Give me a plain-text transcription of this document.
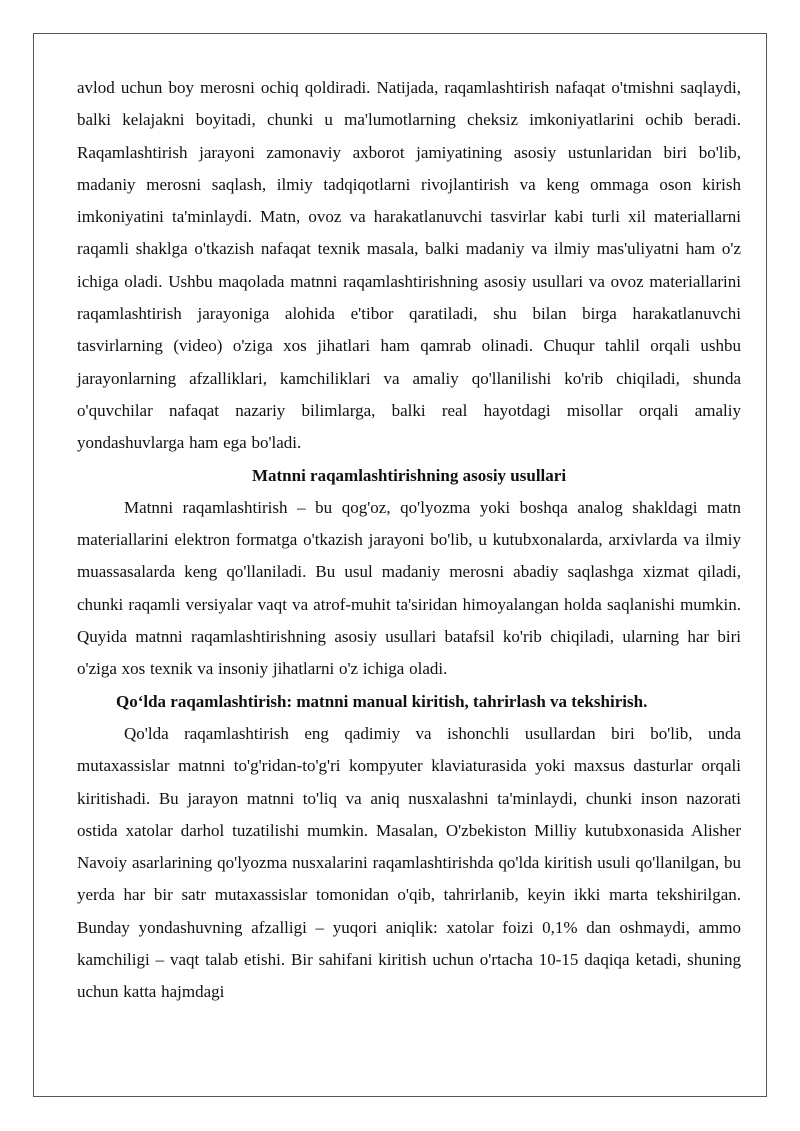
avlod uchun boy merosni ochiq qoldiradi. Natijada, raqamlashtirish nafaqat o'tmishni saqlaydi, balki kelajakni boyitadi, chunki u ma'lumotlarning cheksiz imkoniyatlarini ochib beradi. Raqamlashtirish jarayoni zamonaviy axborot jamiyatining asosiy ustunlaridan biri bo'lib, madaniy merosni saqlash, ilmiy tadqiqotlarni rivojlantirish va keng ommaga oson kirish imkoniyatini ta'minlaydi. Matn, ovoz va harakatlanuvchi tasvirlar kabi turli xil materiallarni raqamli shaklga o'tkazish nafaqat texnik masala, balki madaniy va ilmiy mas'uliyatni ham o'z ichiga oladi. Ushbu maqolada matnni raqamlashtirishning asosiy usullari va ovoz materiallarini raqamlashtirish jarayoniga alohida e'tibor qaratiladi, shu bilan birga harakatlanuvchi tasvirlarning (video) o'ziga xos jihatlari ham qamrab olinadi. Chuqur tahlil orqali ushbu jarayonlarning afzalliklari, kamchiliklari va amaliy qo'llanilishi ko'rib chiqiladi, shunda o'quvchilar nafaqat nazariy bilimlarga, balki real hayotdagi misollar orqali amaliy yondashuvlarga ham ega bo'ladi.

Matnni raqamlashtirishning asosiy usullari

Matnni raqamlashtirish – bu qog'oz, qo'lyozma yoki boshqa analog shakldagi matn materiallarini elektron formatga o'tkazish jarayoni bo'lib, u kutubxonalarda, arxivlarda va ilmiy muassasalarda keng qo'llaniladi. Bu usul madaniy merosni abadiy saqlashga xizmat qiladi, chunki raqamli versiyalar vaqt va atrof-muhit ta'siridan himoyalangan holda saqlanishi mumkin. Quyida matnni raqamlashtirishning asosiy usullari batafsil ko'rib chiqiladi, ularning har biri o'ziga xos texnik va insoniy jihatlarni o'z ichiga oladi.

Qo‘lda raqamlashtirish: matnni manual kiritish, tahrirlash va tekshirish.

Qo'lda raqamlashtirish eng qadimiy va ishonchli usullardan biri bo'lib, unda mutaxassislar matnni to'g'ridan-to'g'ri kompyuter klaviaturasida yoki maxsus dasturlar orqali kiritishadi. Bu jarayon matnni to'liq va aniq nusxalashni ta'minlaydi, chunki inson nazorati ostida xatolar darhol tuzatilishi mumkin. Masalan, O'zbekiston Milliy kutubxonasida Alisher Navoiy asarlarining qo'lyozma nusxalarini raqamlashtirishda qo'lda kiritish usuli qo'llanilgan, bu yerda har bir satr mutaxassislar tomonidan o'qib, tahrirlanib, keyin ikki marta tekshirilgan. Bunday yondashuvning afzalligi – yuqori aniqlik: xatolar foizi 0,1% dan oshmaydi, ammo kamchiligi – vaqt talab etishi. Bir sahifani kiritish uchun o'rtacha 10-15 daqiqa ketadi, shuning uchun katta hajmdagi
